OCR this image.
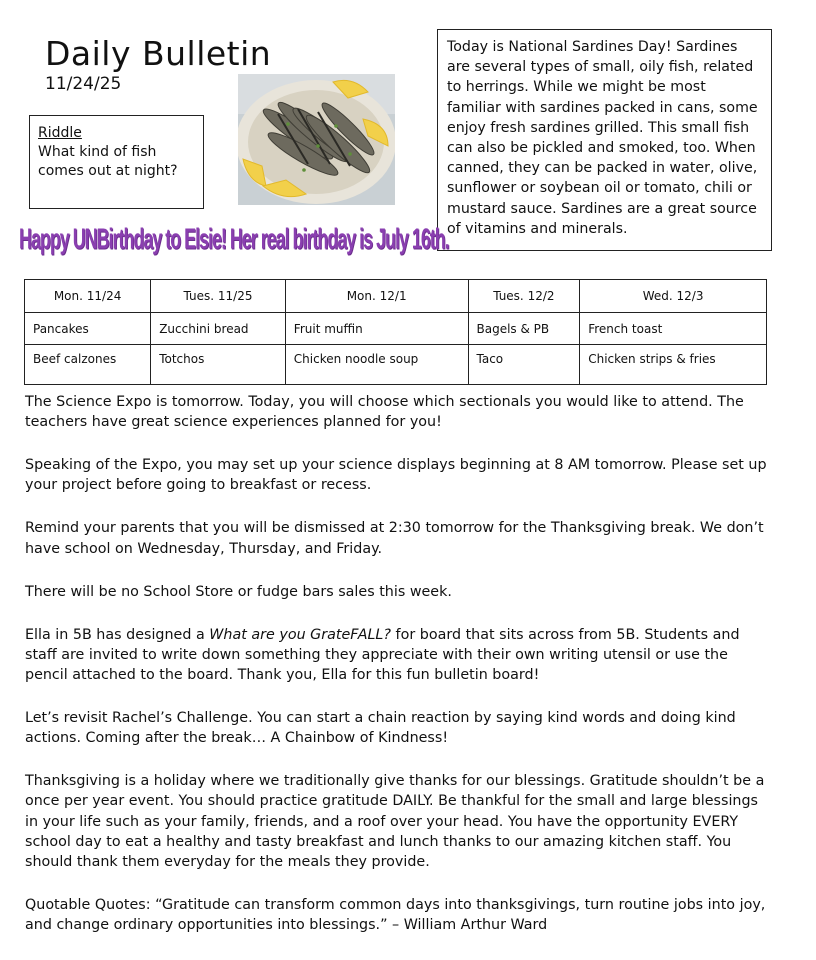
Daily Bulletin
11/24/25
Riddle
What kind of fish comes out at night?
Today is National Sardines Day! Sardines are several types of small, oily fish, related to herrings. While we might be most familiar with sardines packed in cans, some enjoy fresh sardines grilled. This small fish can also be pickled and smoked, too. When canned, they can be packed in water, olive, sunflower or soybean oil or tomato, chili or mustard sauce. Sardines are a great source of vitamins and minerals.
Happy UNBirthday to Elsie! Her real birthday is July 16th.
Mon. 11/24	Tues. 11/25	Mon. 12/1	Tues. 12/2	Wed. 12/3
Pancakes	Zucchini bread	Fruit muffin	Bagels & PB	French toast
Beef calzones	Totchos	Chicken noodle soup	Taco	Chicken strips & fries

The Science Expo is tomorrow. Today, you will choose which sectionals you would like to attend. The teachers have great science experiences planned for you!

Speaking of the Expo, you may set up your science displays beginning at 8 AM tomorrow. Please set up your project before going to breakfast or recess.

Remind your parents that you will be dismissed at 2:30 tomorrow for the Thanksgiving break. We don’t have school on Wednesday, Thursday, and Friday.

There will be no School Store or fudge bars sales this week.

Ella in 5B has designed a What are you GrateFALL? for board that sits across from 5B. Students and staff are invited to write down something they appreciate with their own writing utensil or use the pencil attached to the board. Thank you, Ella for this fun bulletin board!

Let’s revisit Rachel’s Challenge. You can start a chain reaction by saying kind words and doing kind actions. Coming after the break… A Chainbow of Kindness!

Thanksgiving is a holiday where we traditionally give thanks for our blessings. Gratitude shouldn’t be a once per year event. You should practice gratitude DAILY. Be thankful for the small and large blessings in your life such as your family, friends, and a roof over your head. You have the opportunity EVERY school day to eat a healthy and tasty breakfast and lunch thanks to our amazing kitchen staff. You should thank them everyday for the meals they provide.

Quotable Quotes: “Gratitude can transform common days into thanksgivings, turn routine jobs into joy, and change ordinary opportunities into blessings.” – William Arthur Ward
